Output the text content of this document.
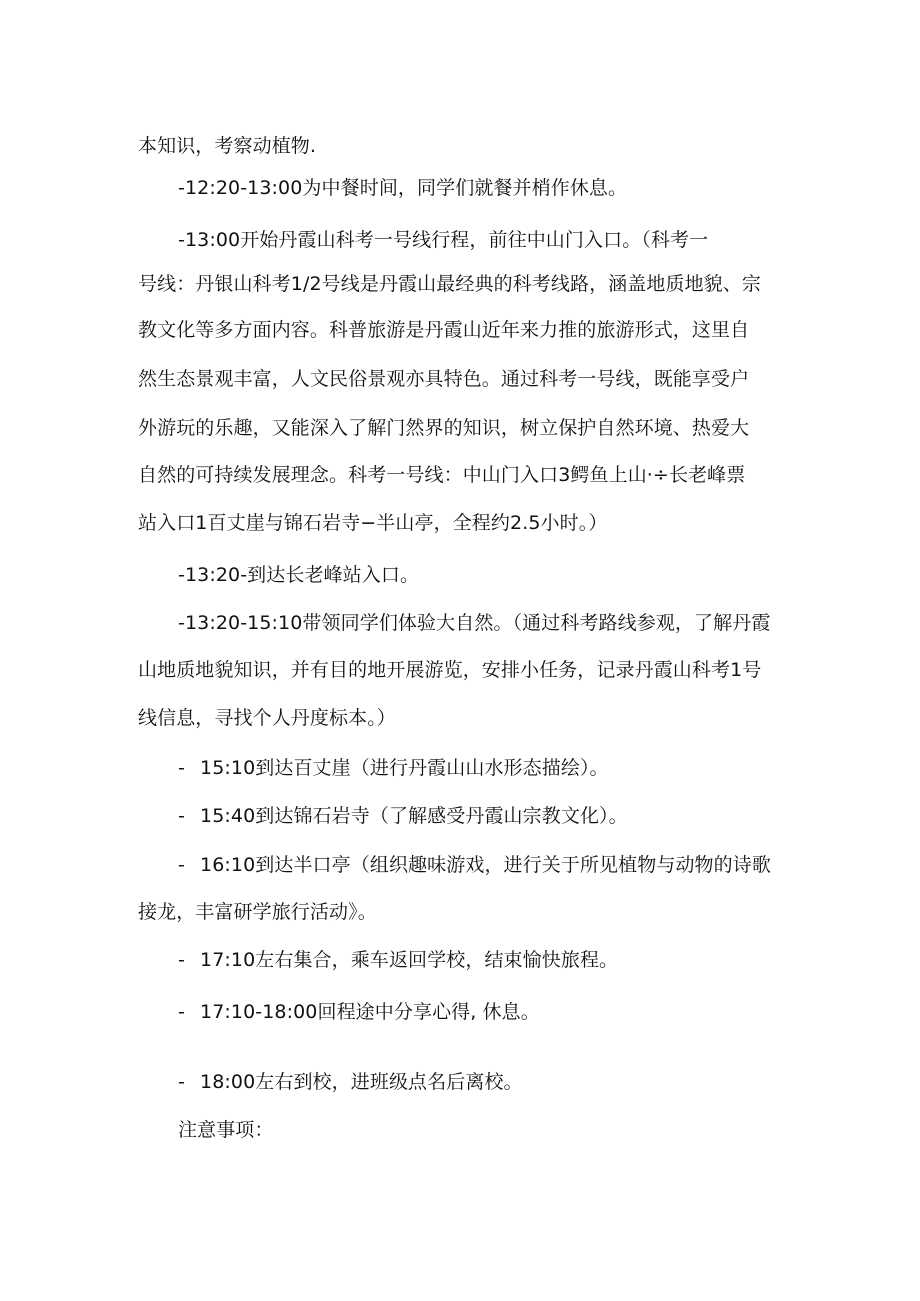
本知识，考察动植物.
-12:20-13:00为中餐时间，同学们就餐并梢作休息。
-13:00开始丹霞山科考一号线行程，前往中山门入口。（科考一
号线：丹银山科考1/2号线是丹霞山最经典的科考线路，涵盖地质地貌、宗
教文化等多方面内容。科普旅游是丹霞山近年来力推的旅游形式，这里自
然生态景观丰富，人文民俗景观亦具特色。通过科考一号线，既能享受户
外游玩的乐趣，又能深入了解门然界的知识，树立保护自然环境、热爱大
自然的可持续发展理念。科考一号线：中山门入口3鳄鱼上山·÷长老峰票
站入口1百丈崖与锦石岩寺−半山亭，全程约2.5小时。）
-13:20-到达长老峰站入口。
-13:20-15:10带领同学们体验大自然。（通过科考路线参观，了解丹霞
山地质地貌知识，并有目的地开展游览，安排小任务，记录丹霞山科考1号
线信息，寻找个人丹度标本。）
- 15:10到达百丈崖（进行丹霞山山水形态描绘）。
- 15:40到达锦石岩寺（了解感受丹霞山宗教文化）。
- 16:10到达半口亭（组织趣味游戏，进行关于所见植物与动物的诗歌
接龙，丰富研学旅行活动》。
- 17:10左右集合，乘车返回学校，结束愉快旅程。
- 17:10-18:00回程途中分享心得, 休息。
- 18:00左右到校，进班级点名后离校。
注意事项：
